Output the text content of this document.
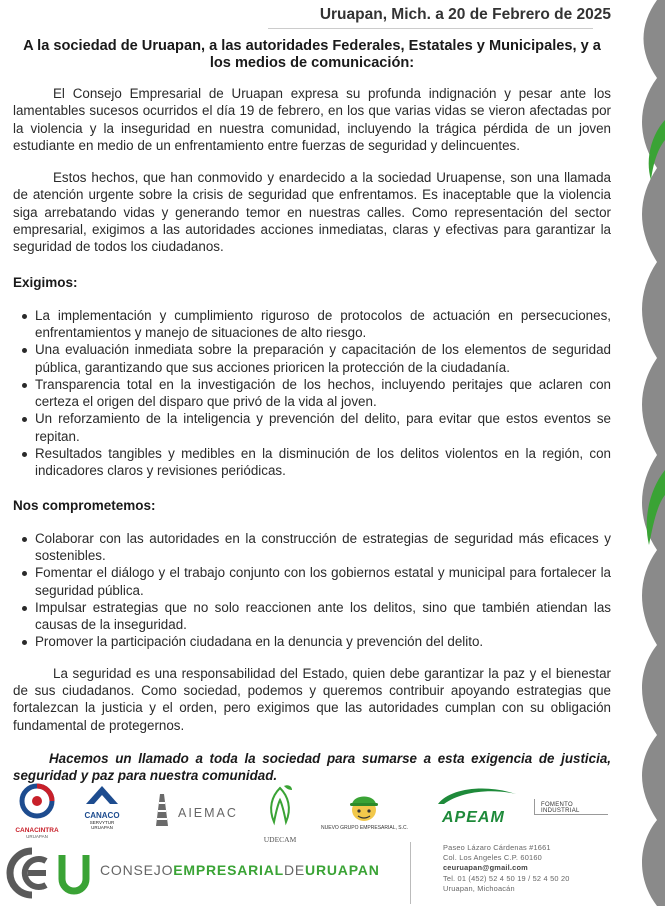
Uruapan, Mich. a 20 de Febrero de 2025
A la sociedad de Uruapan, a las autoridades Federales, Estatales y Municipales, y a los medios de comunicación:

El Consejo Empresarial de Uruapan expresa su profunda indignación y pesar ante los lamentables sucesos ocurridos el día 19 de febrero, en los que varias vidas se vieron afectadas por la violencia y la inseguridad en nuestra comunidad, incluyendo la trágica pérdida de un joven estudiante en medio de un enfrentamiento entre fuerzas de seguridad y delincuentes.

Estos hechos, que han conmovido y enardecido a la sociedad Uruapense, son una llamada de atención urgente sobre la crisis de seguridad que enfrentamos. Es inaceptable que la violencia siga arrebatando vidas y generando temor en nuestras calles. Como representación del sector empresarial, exigimos a las autoridades acciones inmediatas, claras y efectivas para garantizar la seguridad de todos los ciudadanos.

Exigimos:
La implementación y cumplimiento riguroso de protocolos de actuación en persecuciones, enfrentamientos y manejo de situaciones de alto riesgo.
Una evaluación inmediata sobre la preparación y capacitación de los elementos de seguridad pública, garantizando que sus acciones prioricen la protección de la ciudadanía.
Transparencia total en la investigación de los hechos, incluyendo peritajes que aclaren con certeza el origen del disparo que privó de la vida al joven.
Un reforzamiento de la inteligencia y prevención del delito, para evitar que estos eventos se repitan.
Resultados tangibles y medibles en la disminución de los delitos violentos en la región, con indicadores claros y revisiones periódicas.
Nos comprometemos:
Colaborar con las autoridades en la construcción de estrategias de seguridad más eficaces y sostenibles.
Fomentar el diálogo y el trabajo conjunto con los gobiernos estatal y municipal para fortalecer la seguridad pública.
Impulsar estrategias que no solo reaccionen ante los delitos, sino que también atiendan las causas de la inseguridad.
Promover la participación ciudadana en la denuncia y prevención del delito.

La seguridad es una responsabilidad del Estado, quien debe garantizar la paz y el bienestar de sus ciudadanos. Como sociedad, podemos y queremos contribuir apoyando estrategias que fortalezcan la justicia y el orden, pero exigimos que las autoridades cumplan con su obligación fundamental de protegernos.

Hacemos un llamado a toda la sociedad para sumarse a esta exigencia de justicia, seguridad y paz para nuestra comunidad.

CANACINTRA
URUAPAN
CANACO
SERVYTUR
URUAPAN
AIEMAC
UDECAM
NUEVO GRUPO EMPRESARIAL, S.C.
APEAM
FOMENTO INDUSTRIAL
CONSEJOEMPRESARIALDEURUAPAN
Paseo Lázaro Cárdenas #1661
Col. Los Angeles C.P. 60160
ceuruapan@gmail.com
Tel. 01 (452) 52 4 50 19 / 52 4 50 20
Uruapan, Michoacán
